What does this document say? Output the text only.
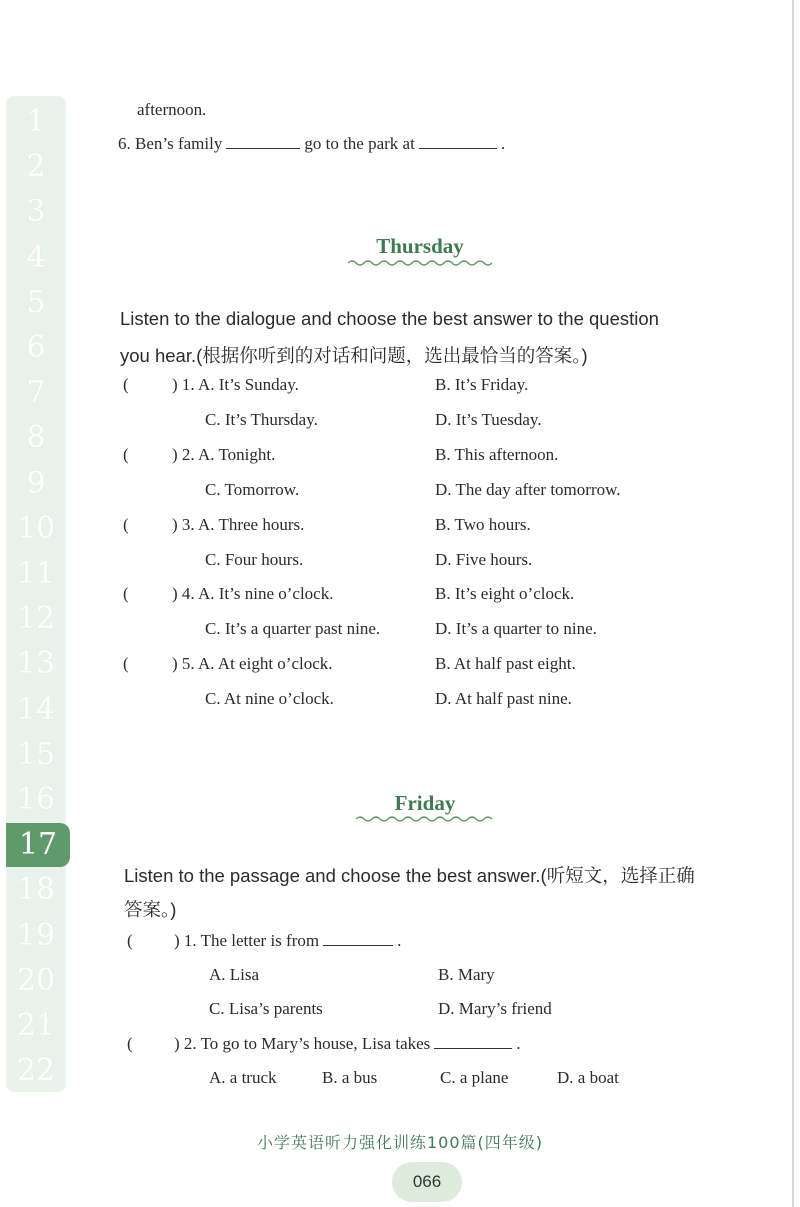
1
2
3
4
5
6
7
8
9
10
11
12
13
14
15
16
17
18
19
20
21
22
afternoon.
6. Ben’s family	go to the park at	.
Thursday
Listen to the dialogue and choose the best answer to the question
you hear.(根据你听到的对话和问题，选出最恰当的答案。)
(	) 1. A. It’s Sunday.	B. It’s Friday.
C. It’s Thursday.	D. It’s Tuesday.
(	) 2. A. Tonight.	B. This afternoon.
C. Tomorrow.	D. The day after tomorrow.
(	) 3. A. Three hours.	B. Two hours.
C. Four hours.	D. Five hours.
(	) 4. A. It’s nine o’clock.	B. It’s eight o’clock.
C. It’s a quarter past nine.	D. It’s a quarter to nine.
(	) 5. A. At eight o’clock.	B. At half past eight.
C. At nine o’clock.	D. At half past nine.
Friday
Listen to the passage and choose the best answer.(听短文，选择正确
答案。)
( ) 1. The letter is from	.
A. Lisa	B. Mary
C. Lisa’s parents	D. Mary’s friend
( ) 2. To go to Mary’s house, Lisa takes	.
A. a truck	B. a bus	C. a plane	D. a boat
小学英语听力强化训练100篇(四年级)
066
